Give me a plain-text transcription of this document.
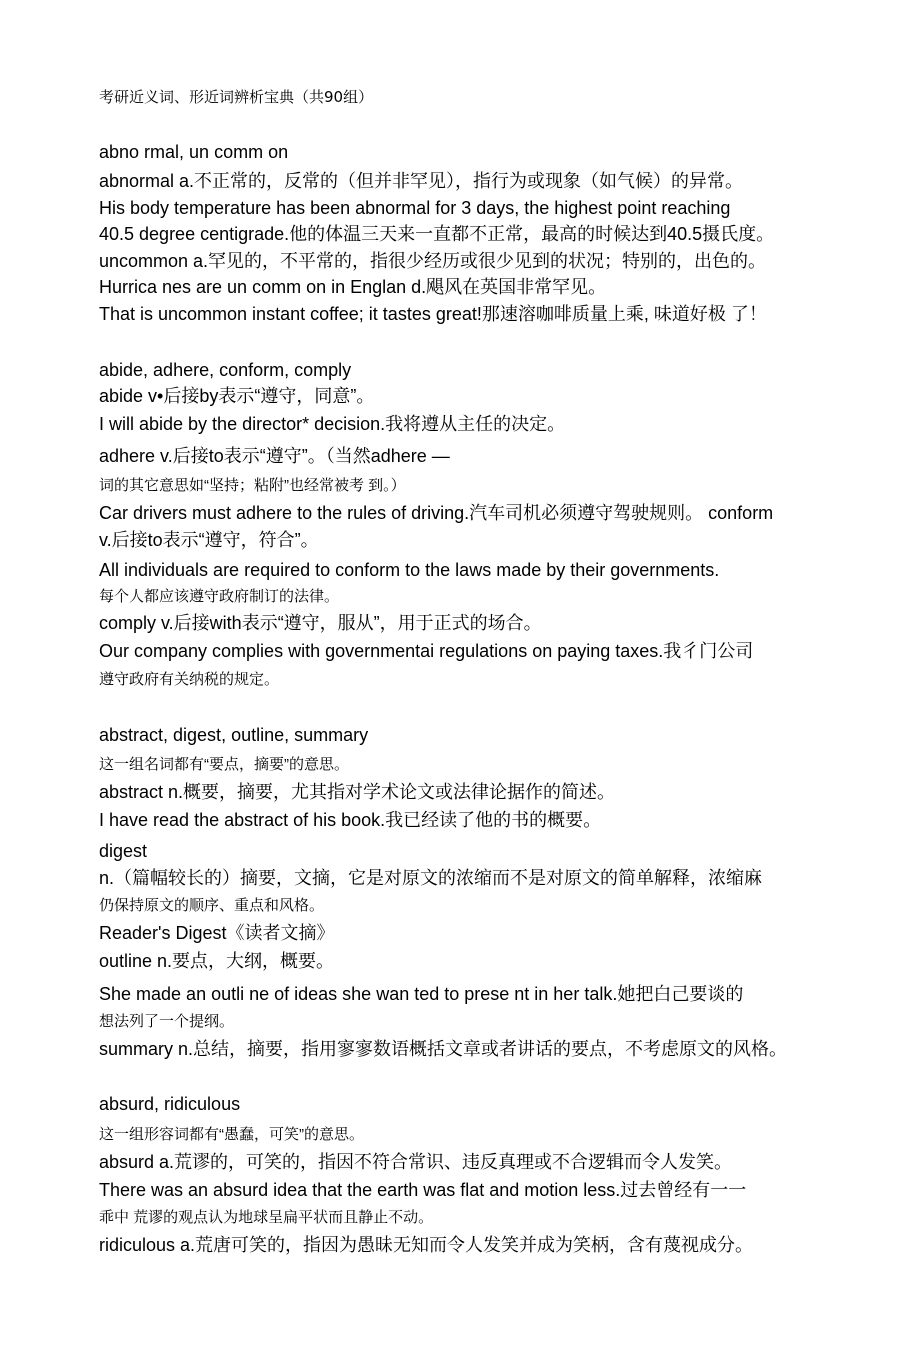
考研近义词、形近词辨析宝典（共90组）
abno rmal, un comm on
abnormal a.不正常的，反常的（但并非罕见），指行为或现象（如气候）的异常。
His body temperature has been abnormal for 3 days, the highest point reaching
40.5 degree centigrade.他的体温三天来一直都不正常，最高的时候达到40.5摄氏度。
uncommon a.罕见的，不平常的，指很少经历或很少见到的状况；特别的，出色的。
Hurrica nes are un comm on in Englan d.飓风在英国非常罕见。
That is uncommon instant coffee; it tastes great!那速溶咖啡质量上乘, 味道好极 了！
abide, adhere, conform, comply
abide v•后接by表示“遵守，同意”。
I will abide by the director* decision.我将遵从主任的决定。
adhere v.后接to表示“遵守”。（当然adhere —
词的其它意思如“坚持；粘附”也经常被考 到。）
Car drivers must adhere to the rules of driving.汽车司机必须遵守驾驶规则。 conform
v.后接to表示“遵守，符合”。
All individuals are required to conform to the laws made by their governments.
每个人都应该遵守政府制订的法律。
comply v.后接with表示“遵守，服从”，用于正式的场合。
Our company complies with governmentai regulations on paying taxes.我彳门公司
遵守政府有关纳税的规定。
abstract, digest, outline, summary
这一组名词都有“要点，摘要”的意思。
abstract n.概要，摘要，尤其指对学术论文或法律论据作的简述。
I have read the abstract of his book.我已经读了他的书的概要。
digest
n.（篇幅较长的）摘要，文摘，它是对原文的浓缩而不是对原文的简单解释，浓缩麻
仍保持原文的顺序、重点和风格。
Reader's Digest《读者文摘》
outline n.要点，大纲，概要。
She made an outli ne of ideas she wan ted to prese nt in her talk.她把白己要谈的
想法列了一个提纲。
summary n.总结，摘要，指用寥寥数语概括文章或者讲话的要点，不考虑原文的风格。
absurd, ridiculous
这一组形容词都有“愚蠢，可笑”的意思。
absurd a.荒谬的，可笑的，指因不符合常识、违反真理或不合逻辑而令人发笑。
There was an absurd idea that the earth was flat and motion less.过去曾经有一一
乖中 荒谬的观点认为地球呈扁平状而且静止不动。
ridiculous a.荒唐可笑的，指因为愚昧无知而令人发笑并成为笑柄，含有蔑视成分。
